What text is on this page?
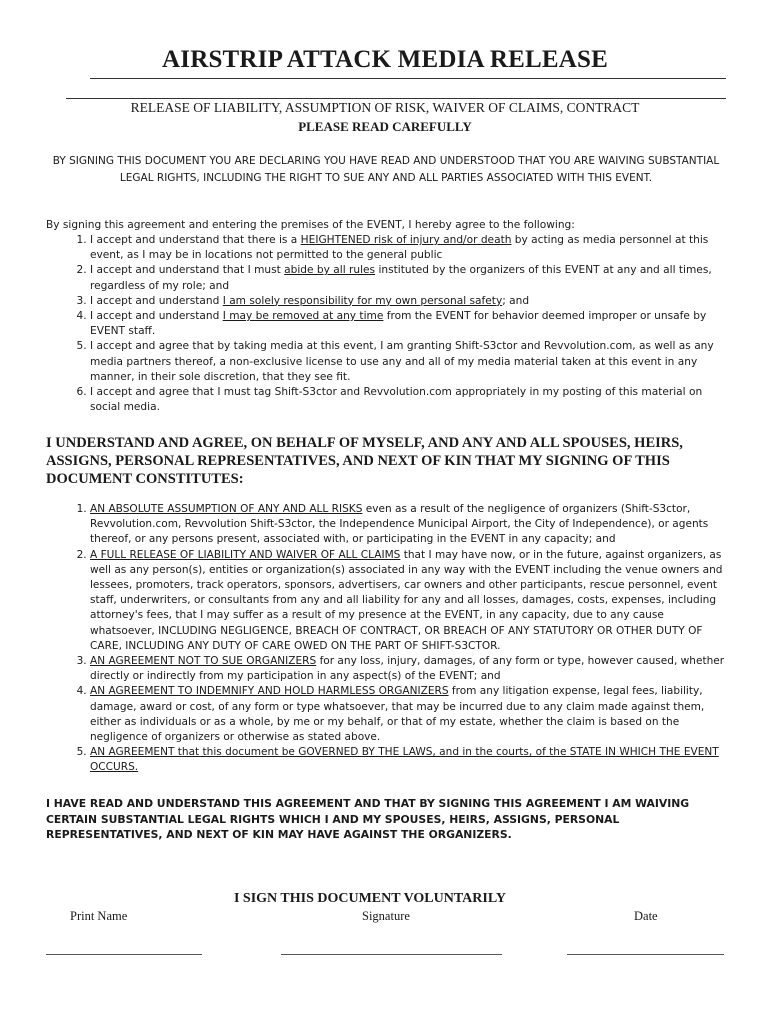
AIRSTRIP ATTACK MEDIA RELEASE
RELEASE OF LIABILITY, ASSUMPTION OF RISK, WAIVER OF CLAIMS, CONTRACT
PLEASE READ CAREFULLY
BY SIGNING THIS DOCUMENT YOU ARE DECLARING YOU HAVE READ AND UNDERSTOOD THAT YOU ARE WAIVING SUBSTANTIAL LEGAL RIGHTS, INCLUDING THE RIGHT TO SUE ANY AND ALL PARTIES ASSOCIATED WITH THIS EVENT.
By signing this agreement and entering the premises of the EVENT, I hereby agree to the following:
1. I accept and understand that there is a HEIGHTENED risk of injury and/or death by acting as media personnel at this event, as I may be in locations not permitted to the general public
2. I accept and understand that I must abide by all rules instituted by the organizers of this EVENT at any and all times, regardless of my role; and
3. I accept and understand I am solely responsibility for my own personal safety; and
4. I accept and understand I may be removed at any time from the EVENT for behavior deemed improper or unsafe by EVENT staff.
5. I accept and agree that by taking media at this event, I am granting Shift-S3ctor and Revvolution.com, as well as any media partners thereof, a non-exclusive license to use any and all of my media material taken at this event in any manner, in their sole discretion, that they see fit.
6. I accept and agree that I must tag Shift-S3ctor and Revvolution.com appropriately in my posting of this material on social media.
I UNDERSTAND AND AGREE, ON BEHALF OF MYSELF, AND ANY AND ALL SPOUSES, HEIRS, ASSIGNS, PERSONAL REPRESENTATIVES, AND NEXT OF KIN THAT MY SIGNING OF THIS DOCUMENT CONSTITUTES:
1. AN ABSOLUTE ASSUMPTION OF ANY AND ALL RISKS even as a result of the negligence of organizers (Shift-S3ctor, Revvolution.com, Revvolution Shift-S3ctor, the Independence Municipal Airport, the City of Independence), or agents thereof, or any persons present, associated with, or participating in the EVENT in any capacity; and
2. A FULL RELEASE OF LIABILITY AND WAIVER OF ALL CLAIMS that I may have now, or in the future, against organizers, as well as any person(s), entities or organization(s) associated in any way with the EVENT including the venue owners and lessees, promoters, track operators, sponsors, advertisers, car owners and other participants, rescue personnel, event staff, underwriters, or consultants from any and all liability for any and all losses, damages, costs, expenses, including attorney's fees, that I may suffer as a result of my presence at the EVENT, in any capacity, due to any cause whatsoever, INCLUDING NEGLIGENCE, BREACH OF CONTRACT, OR BREACH OF ANY STATUTORY OR OTHER DUTY OF CARE, INCLUDING ANY DUTY OF CARE OWED ON THE PART OF SHIFT-S3CTOR.
3. AN AGREEMENT NOT TO SUE ORGANIZERS for any loss, injury, damages, of any form or type, however caused, whether directly or indirectly from my participation in any aspect(s) of the EVENT; and
4. AN AGREEMENT TO INDEMNIFY AND HOLD HARMLESS ORGANIZERS from any litigation expense, legal fees, liability, damage, award or cost, of any form or type whatsoever, that may be incurred due to any claim made against them, either as individuals or as a whole, by me or my behalf, or that of my estate, whether the claim is based on the negligence of organizers or otherwise as stated above.
5. AN AGREEMENT that this document be GOVERNED BY THE LAWS, and in the courts, of the STATE IN WHICH THE EVENT OCCURS.
I HAVE READ AND UNDERSTAND THIS AGREEMENT AND THAT BY SIGNING THIS AGREEMENT I AM WAIVING CERTAIN SUBSTANTIAL LEGAL RIGHTS WHICH I AND MY SPOUSES, HEIRS, ASSIGNS, PERSONAL REPRESENTATIVES, AND NEXT OF KIN MAY HAVE AGAINST THE ORGANIZERS.
I SIGN THIS DOCUMENT VOLUNTARILY
Print Name	Signature	Date
